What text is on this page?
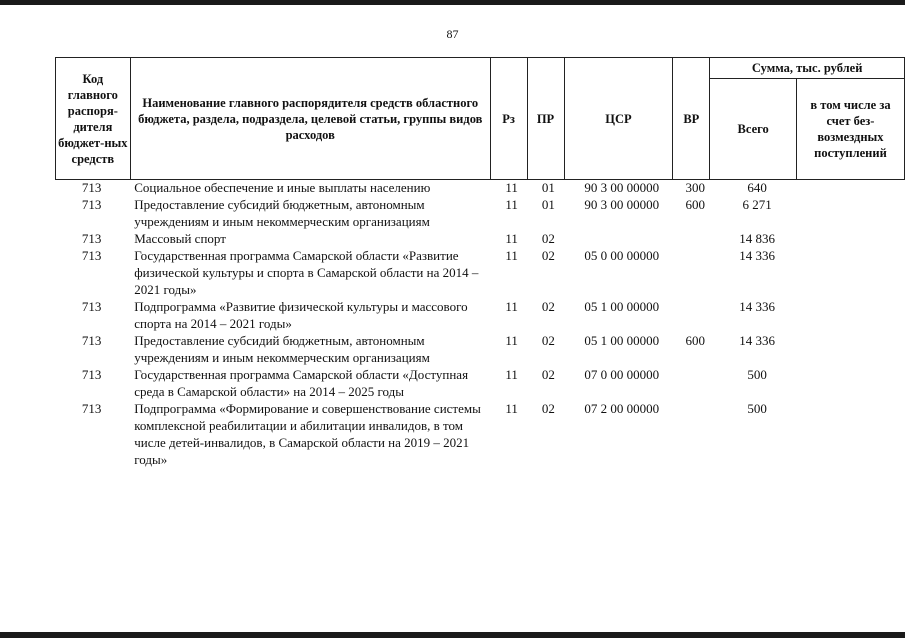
87
Код главного распоря-дителя бюджет-ных средств	Наименование главного распорядителя средств областного бюджета, раздела, подраздела, целевой статьи, группы видов расходов	Рз	ПР	ЦСР	ВР	Сумма, тыс. рублей	
						Всего	в том числе за счет без-возмездных поступлений
713	Социальное обеспечение и иные выплаты населению	11	01	90 3 00 00000	300	640	
713	Предоставление субсидий бюджетным, автономным учреждениям и иным некоммерческим организациям	11	01	90 3 00 00000	600	6 271	
713	Массовый спорт	11	02			14 836	
713	Государственная программа Самарской области «Развитие физической культуры и спорта в Самарской области на 2014 – 2021 годы»	11	02	05 0 00 00000		14 336	
713	Подпрограмма «Развитие физической культуры и массового спорта на 2014 – 2021 годы»	11	02	05 1 00 00000		14 336	
713	Предоставление субсидий бюджетным, автономным учреждениям и иным некоммерческим организациям	11	02	05 1 00 00000	600	14 336	
713	Государственная программа Самарской области «Доступная среда в Самарской области» на 2014 – 2025 годы	11	02	07 0 00 00000		500	
713	Подпрограмма «Формирование и совершенствование системы комплексной реабилитации и абилитации инвалидов, в том числе детей-инвалидов, в Самарской области на 2019 – 2021 годы»	11	02	07 2 00 00000		500	
